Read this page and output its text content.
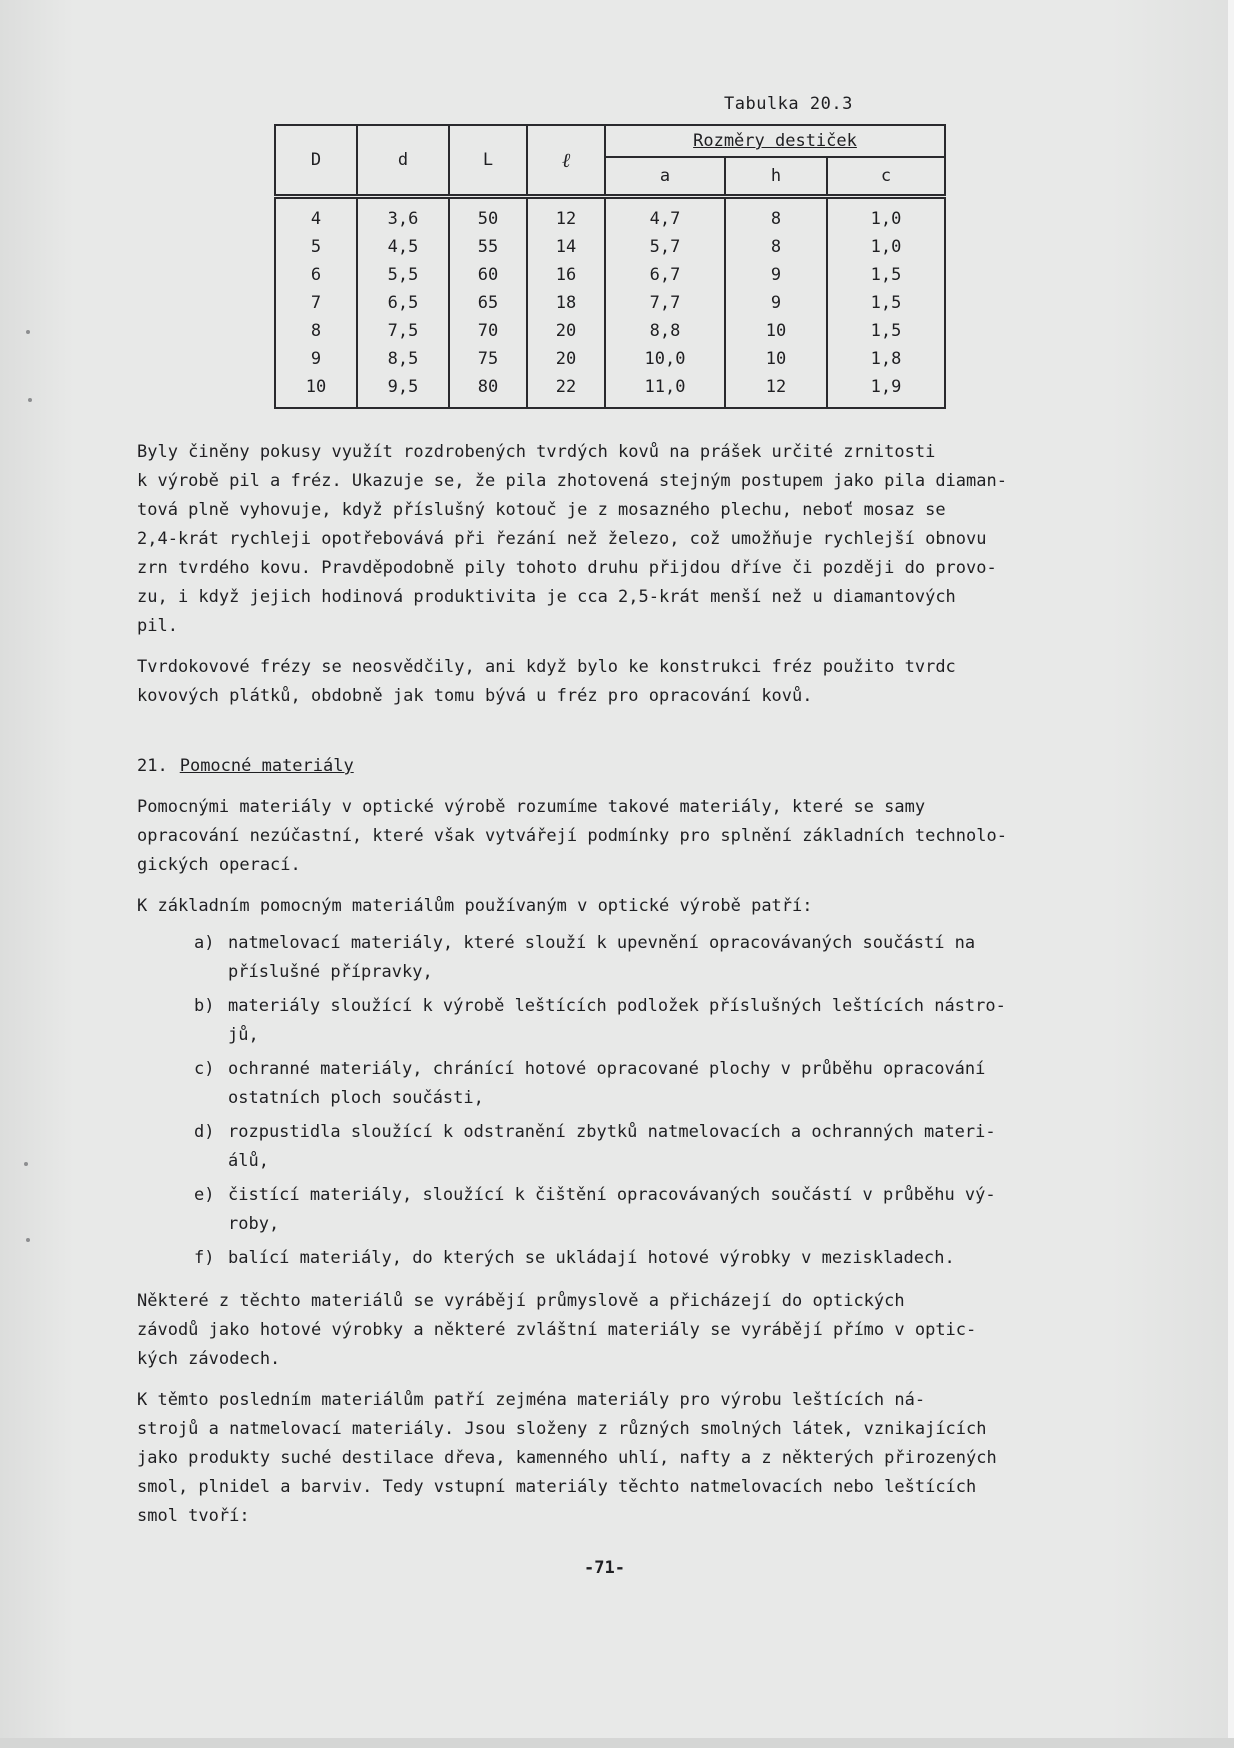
Tabulka 20.3
D	d	L	ℓ	Rozměry destiček		
				a	h	c
4	3,6	50	12	4,7	8	1,0
5	4,5	55	14	5,7	8	1,0
6	5,5	60	16	6,7	9	1,5
7	6,5	65	18	7,7	9	1,5
8	7,5	70	20	8,8	10	1,5
9	8,5	75	20	10,0	10	1,8
10	9,5	80	22	11,0	12	1,9

Byly činěny pokusy využít rozdrobených tvrdých kovů na prášek určité zrnitosti
k výrobě pil a fréz. Ukazuje se, že pila zhotovená stejným postupem jako pila diaman-
tová plně vyhovuje, když příslušný kotouč je z mosazného plechu, neboť mosaz se
2,4-krát rychleji opotřebovává při řezání než železo, což umožňuje rychlejší obnovu
zrn tvrdého kovu. Pravděpodobně pily tohoto druhu přijdou dříve či později do provo-
zu, i když jejich hodinová produktivita je cca 2,5-krát menší než u diamantových
pil.

Tvrdokovové frézy se neosvědčily, ani když bylo ke konstrukci fréz použito tvrdc
kovových plátků, obdobně jak tomu bývá u fréz pro opracování kovů.

21. Pomocné materiály

Pomocnými materiály v optické výrobě rozumíme takové materiály, které se samy
opracování nezúčastní, které však vytvářejí podmínky pro splnění základních technolo-
gických operací.

K základním pomocným materiálům používaným v optické výrobě patří:

a) natmelovací materiály, které slouží k upevnění opracovávaných součástí na
příslušné přípravky,
b) materiály sloužící k výrobě leštících podložek příslušných leštících nástro-
jů,
c) ochranné materiály, chránící hotové opracované plochy v průběhu opracování
ostatních ploch součásti,
d) rozpustidla sloužící k odstranění zbytků natmelovacích a ochranných materi-
álů,
e) čistící materiály, sloužící k čištění opracovávaných součástí v průběhu vý-
roby,
f) balící materiály, do kterých se ukládají hotové výrobky v meziskladech.

Některé z těchto materiálů se vyrábějí průmyslově a přicházejí do optických
závodů jako hotové výrobky a některé zvláštní materiály se vyrábějí přímo v optic-
kých závodech.

K těmto posledním materiálům patří zejména materiály pro výrobu leštících ná-
strojů a natmelovací materiály. Jsou složeny z různých smolných látek, vznikajících
jako produkty suché destilace dřeva, kamenného uhlí, nafty a z některých přirozených
smol, plnidel a barviv. Tedy vstupní materiály těchto natmelovacích nebo leštících
smol tvoří:

-71-
